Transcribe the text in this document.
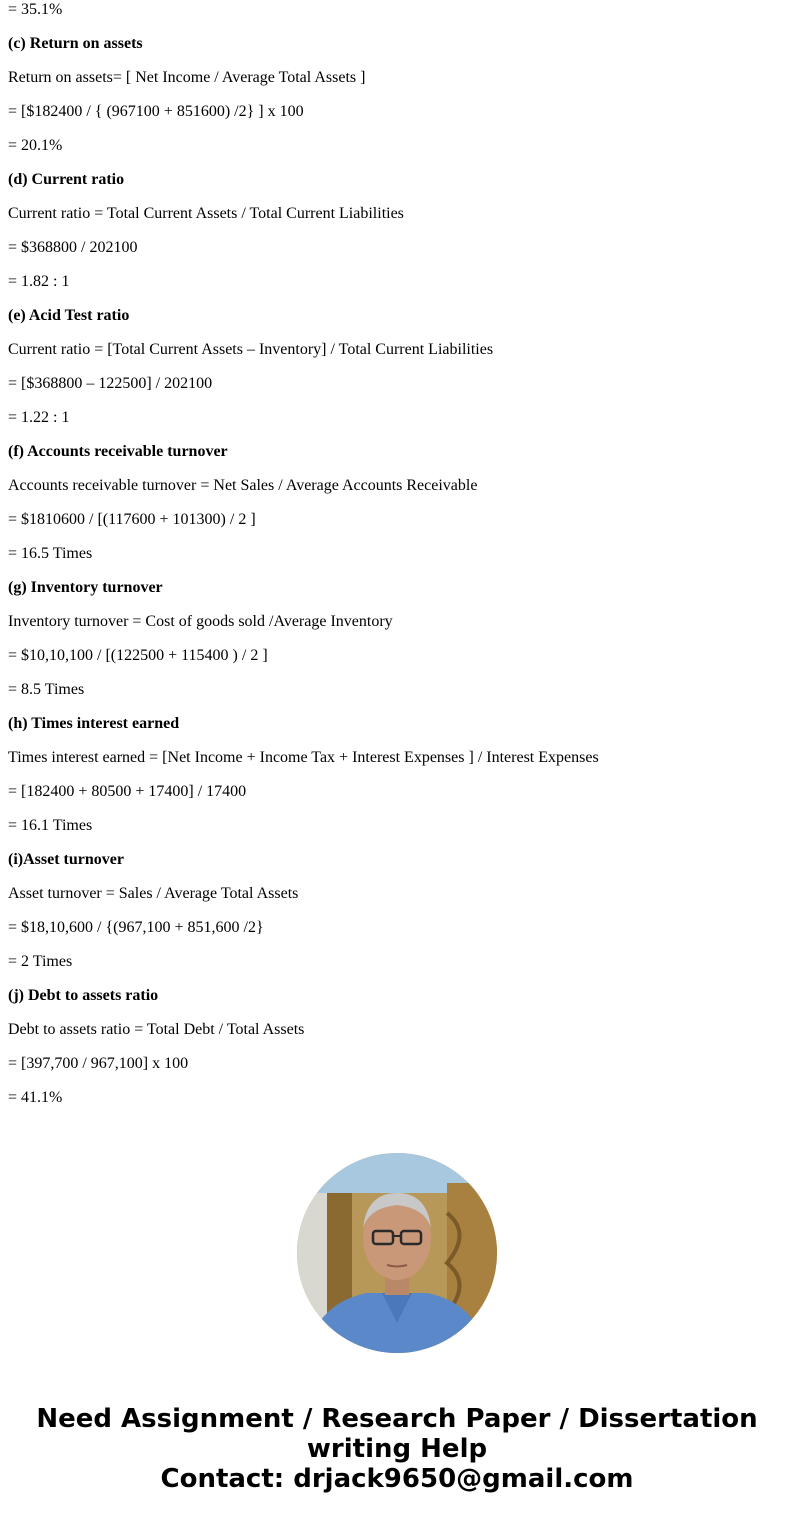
= 35.1%
(c) Return on assets
Return on assets= [ Net Income / Average Total Assets ]
= [$182400 / { (967100 + 851600) /2} ] x 100
= 20.1%
(d) Current ratio
Current ratio = Total Current Assets / Total Current Liabilities
= $368800 / 202100
= 1.82 : 1
(e) Acid Test ratio
Current ratio = [Total Current Assets – Inventory] / Total Current Liabilities
= [$368800 – 122500] / 202100
= 1.22 : 1
(f) Accounts receivable turnover
Accounts receivable turnover = Net Sales / Average Accounts Receivable
= $1810600 / [(117600 + 101300) / 2 ]
= 16.5 Times
(g) Inventory turnover
Inventory turnover = Cost of goods sold /Average Inventory
= $10,10,100 / [(122500 + 115400 ) / 2 ]
= 8.5 Times
(h) Times interest earned
Times interest earned = [Net Income + Income Tax + Interest Expenses ] / Interest Expenses
= [182400 + 80500 + 17400] / 17400
= 16.1 Times
(i)Asset turnover
Asset turnover = Sales / Average Total Assets
= $18,10,600 / {(967,100 + 851,600 /2}
= 2 Times
(j) Debt to assets ratio
Debt to assets ratio = Total Debt / Total Assets
= [397,700 / 967,100] x 100
= 41.1%
Need Assignment / Research Paper / Dissertation
writing Help
Contact: drjack9650@gmail.com
